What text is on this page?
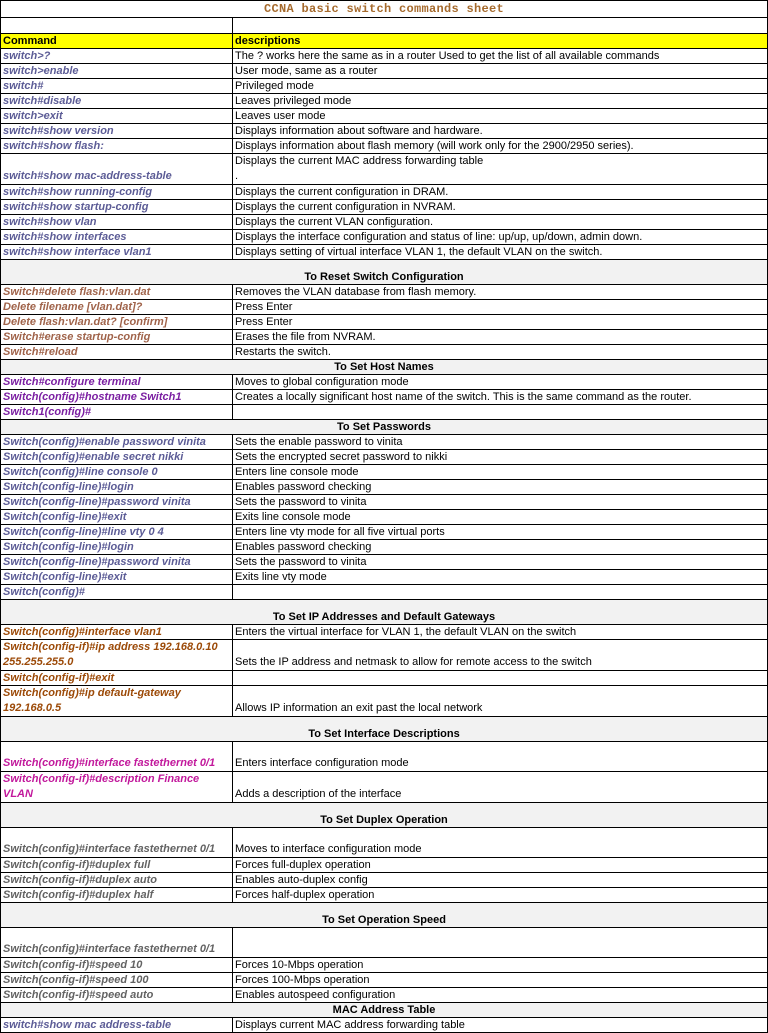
CCNA basic switch commands sheet	

Command	descriptions
switch>?	The ? works here the same as in a router Used to get the list of all available commands
switch>enable	User mode, same as a router
switch#	Privileged mode
switch#disable	Leaves privileged mode
switch>exit	Leaves user mode
switch#show version	Displays information about software and hardware.
switch#show flash:	Displays information about flash memory (will work only for the 2900/2950 series).
switch#show mac-address-table	Displays the current MAC address forwarding table
.
switch#show running-config	Displays the current configuration in DRAM.
switch#show startup-config	Displays the current configuration in NVRAM.
switch#show vlan	Displays the current VLAN configuration.
switch#show interfaces	Displays the interface configuration and status of line: up/up, up/down, admin down.
switch#show interface vlan1	Displays setting of virtual interface VLAN 1, the default VLAN on the switch.
To Reset Switch Configuration	
Switch#delete flash:vlan.dat	Removes the VLAN database from flash memory.
Delete filename [vlan.dat]?	Press Enter
Delete flash:vlan.dat? [confirm]	Press Enter
Switch#erase startup-config	Erases the file from NVRAM.
Switch#reload	Restarts the switch.
To Set Host Names	
Switch#configure terminal	Moves to global configuration mode
Switch(config)#hostname Switch1	Creates a locally significant host name of the switch. This is the same command as the router.
Switch1(config)#	
To Set Passwords	
Switch(config)#enable password vinita	Sets the enable password to vinita
Switch(config)#enable secret nikki	Sets the encrypted secret password to nikki
Switch(config)#line console 0	Enters line console mode
Switch(config-line)#login	Enables password checking
Switch(config-line)#password vinita	Sets the password to vinita
Switch(config-line)#exit	Exits line console mode
Switch(config-line)#line vty 0 4	Enters line vty mode for all five virtual ports
Switch(config-line)#login	Enables password checking
Switch(config-line)#password vinita	Sets the password to vinita
Switch(config-line)#exit	Exits line vty mode
Switch(config)#	
To Set IP Addresses and Default Gateways	
Switch(config)#interface vlan1	Enters the virtual interface for VLAN 1, the default VLAN on the switch
Switch(config-if)#ip address 192.168.0.10 255.255.255.0	Sets the IP address and netmask to allow for remote access to the switch
Switch(config-if)#exit	
Switch(config)#ip default-gateway 192.168.0.5	Allows IP information an exit past the local network
To Set Interface Descriptions	
Switch(config)#interface fastethernet 0/1	Enters interface configuration mode
Switch(config-if)#description Finance VLAN	Adds a description of the interface
To Set Duplex Operation	
Switch(config)#interface fastethernet 0/1	Moves to interface configuration mode
Switch(config-if)#duplex full	Forces full-duplex operation
Switch(config-if)#duplex auto	Enables auto-duplex config
Switch(config-if)#duplex half	Forces half-duplex operation
To Set Operation Speed	
Switch(config)#interface fastethernet 0/1	
Switch(config-if)#speed 10	Forces 10-Mbps operation
Switch(config-if)#speed 100	Forces 100-Mbps operation
Switch(config-if)#speed auto	Enables autospeed configuration
MAC Address Table	
switch#show mac address-table	Displays current MAC address forwarding table
